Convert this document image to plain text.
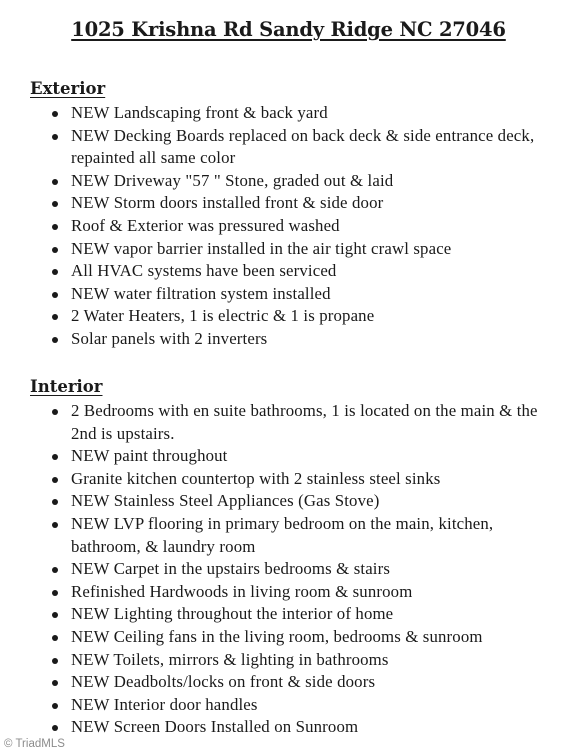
1025 Krishna Rd Sandy Ridge NC 27046
Exterior
NEW Landscaping front & back yard
NEW Decking Boards replaced on back deck & side entrance deck, repainted all same color
NEW Driveway "57 " Stone, graded out & laid
NEW Storm doors installed front & side door
Roof & Exterior was pressured washed
NEW vapor barrier installed in the air tight crawl space
All HVAC systems have been serviced
NEW water filtration system installed
2 Water Heaters, 1 is electric & 1 is propane
Solar panels with 2 inverters
Interior
2 Bedrooms with en suite bathrooms, 1 is located on the main & the 2nd is upstairs.
NEW paint throughout
Granite kitchen countertop with 2 stainless steel sinks
NEW Stainless Steel Appliances (Gas Stove)
NEW LVP flooring in primary bedroom on the main, kitchen, bathroom, & laundry room
NEW Carpet in the upstairs bedrooms & stairs
Refinished Hardwoods in living room & sunroom
NEW Lighting throughout the interior of home
NEW Ceiling fans in the living room, bedrooms & sunroom
NEW Toilets, mirrors & lighting in bathrooms
NEW Deadbolts/locks on front & side doors
NEW Interior door handles
NEW Screen Doors Installed on Sunroom
© TriadMLS
